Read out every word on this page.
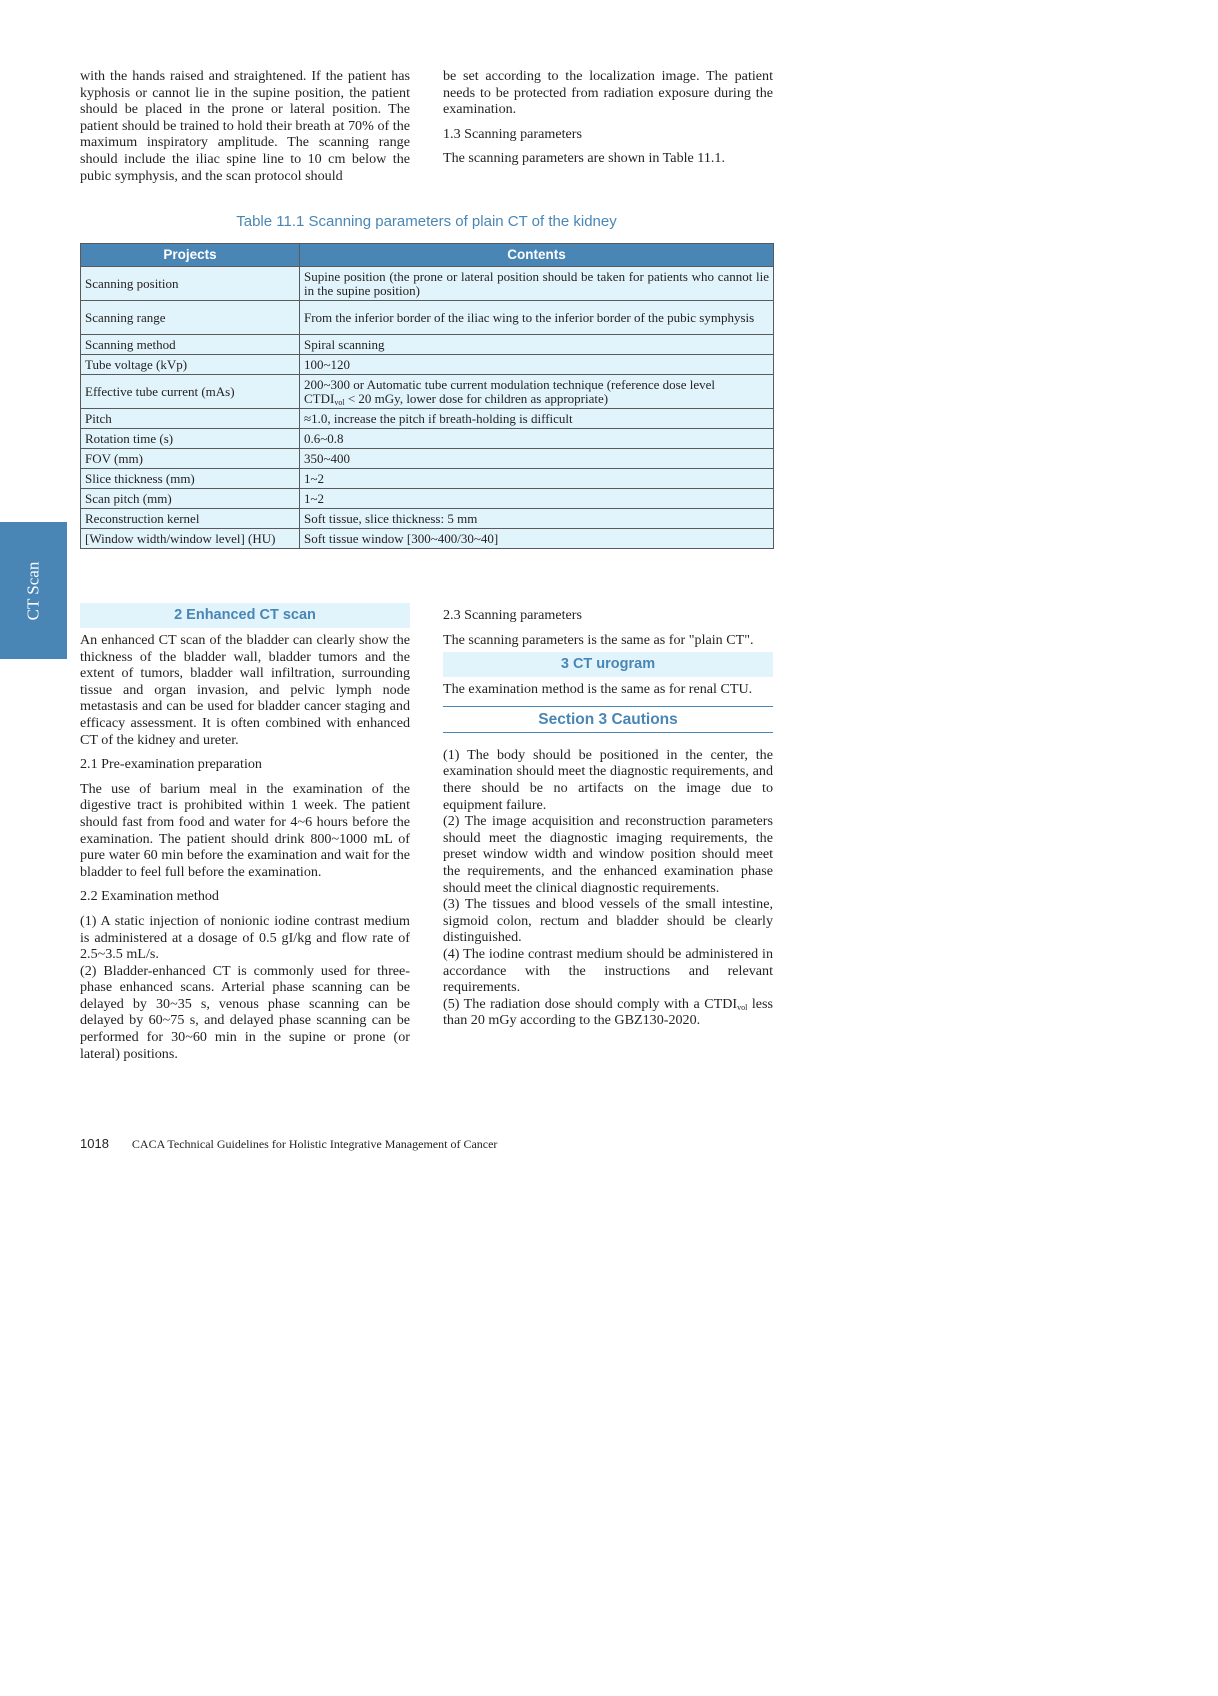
with the hands raised and straightened. If the patient has kyphosis or cannot lie in the supine position, the patient should be placed in the prone or lateral position. The patient should be trained to hold their breath at 70% of the maximum inspiratory amplitude. The scanning range should include the iliac spine line to 10 cm below the pubic symphysis, and the scan protocol should

be set according to the localization image. The patient needs to be protected from radiation exposure during the examination.

1.3 Scanning parameters

The scanning parameters are shown in Table 11.1.

Table 11.1 Scanning parameters of plain CT of the kidney
Projects	Contents
Scanning position	Supine position (the prone or lateral position should be taken for patients who cannot lie in the supine position)
Scanning range	From the inferior border of the iliac wing to the inferior border of the pubic symphysis
Scanning method	Spiral scanning
Tube voltage (kVp)	100~120
Effective tube current (mAs)	200~300 or Automatic tube current modulation technique (reference dose level
$CTDI_{vol} < 20$ mGy, lower dose for children as appropriate)
Pitch	≈1.0, increase the pitch if breath-holding is difficult
Rotation time (s)	0.6~0.8
FOV (mm)	350~400
Slice thickness (mm)	1~2
Scan pitch (mm)	1~2
Reconstruction kernel	Soft tissue, slice thickness: 5 mm
[Window width/window level] (HU)	Soft tissue window [300~400/30~40]
CT Scan	2 Enhanced CT scan

An enhanced CT scan of the bladder can clearly show the thickness of the bladder wall, bladder tumors and the extent of tumors, bladder wall infiltration, surrounding tissue and organ invasion, and pelvic lymph node metastasis and can be used for bladder cancer staging and efficacy assessment. It is often combined with enhanced CT of the kidney and ureter.

2.1 Pre-examination preparation

The use of barium meal in the examination of the digestive tract is prohibited within 1 week. The patient should fast from food and water for 4~6 hours before the examination. The patient should drink 800~1000 mL of pure water 60 min before the examination and wait for the bladder to feel full before the examination.

2.2 Examination method

(1) A static injection of nonionic iodine contrast medium is administered at a dosage of 0.5 gI/kg and flow rate of 2.5~3.5 mL/s.

(2) Bladder-enhanced CT is commonly used for three-phase enhanced scans. Arterial phase scanning can be delayed by 30~35 s, venous phase scanning can be delayed by 60~75 s, and delayed phase scanning can be performed for 30~60 min in the supine or prone (or lateral) positions.

2.3 Scanning parameters

The scanning parameters is the same as for "plain CT".

3 CT urogram

The examination method is the same as for renal CTU.

Section 3 Cautions

(1) The body should be positioned in the center, the examination should meet the diagnostic requirements, and there should be no artifacts on the image due to equipment failure.

(2) The image acquisition and reconstruction parameters should meet the diagnostic imaging requirements, the preset window width and window position should meet the requirements, and the enhanced examination phase should meet the clinical diagnostic requirements.

(3) The tissues and blood vessels of the small intestine, sigmoid colon, rectum and bladder should be clearly distinguished.

(4) The iodine contrast medium should be administered in accordance with the instructions and relevant requirements.

(5) The radiation dose should comply with a $CTDI_{vol}$ less than 20 mGy according to the GBZ130-2020.

1018 CACA Technical Guidelines for Holistic Integrative Management of Cancer
